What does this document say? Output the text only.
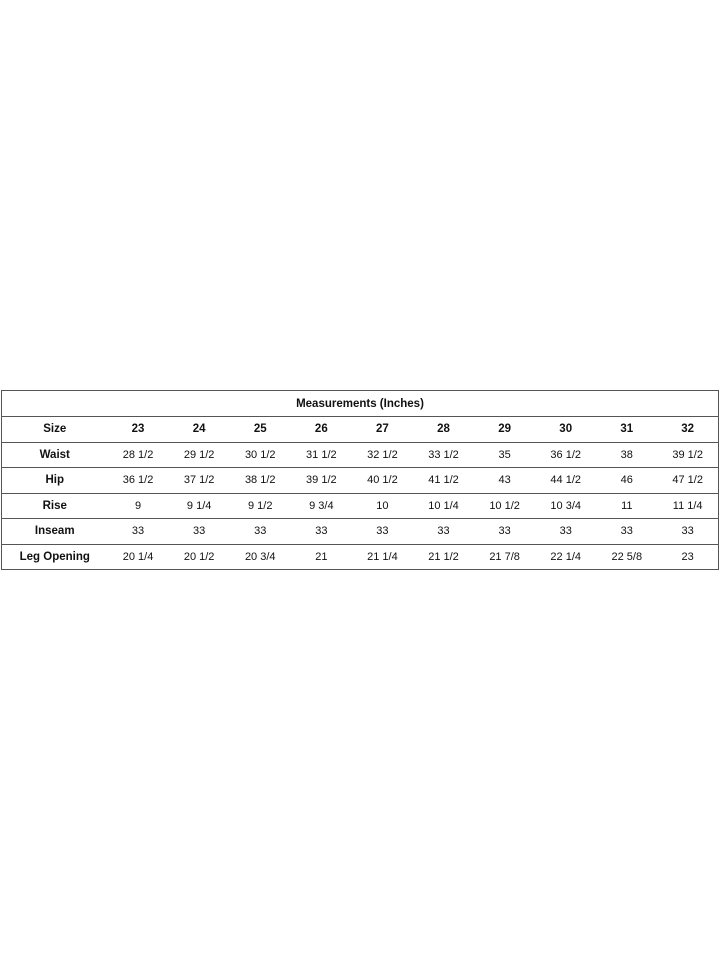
Measurements (Inches)										
Size	23	24	25	26	27	28	29	30	31	32
Waist	28 1/2	29 1/2	30 1/2	31 1/2	32 1/2	33 1/2	35	36 1/2	38	39 1/2
Hip	36 1/2	37 1/2	38 1/2	39 1/2	40 1/2	41 1/2	43	44 1/2	46	47 1/2
Rise	9	9 1/4	9 1/2	9 3/4	10	10 1/4	10 1/2	10 3/4	11	11 1/4
Inseam	33	33	33	33	33	33	33	33	33	33
Leg Opening	20 1/4	20 1/2	20 3/4	21	21 1/4	21 1/2	21 7/8	22 1/4	22 5/8	23
